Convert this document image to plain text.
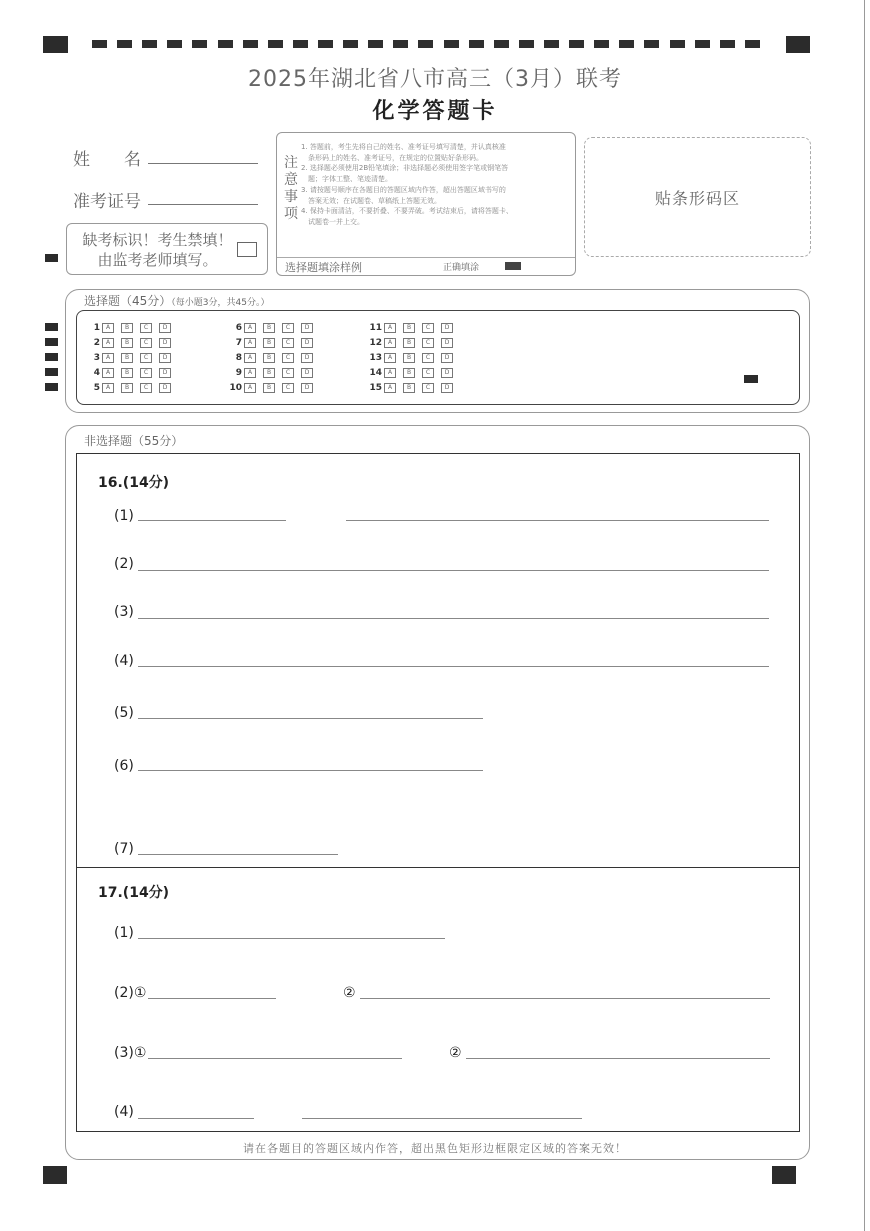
2025年湖北省八市高三（3月）联考
化学答题卡
姓　　名
准考证号
缺考标识！考生禁填！
由监考老师填写。
注
意
事
项
1. 答题前，考生先将自己的姓名、准考证号填写清楚，并认真核准
条形码上的姓名、准考证号，在规定的位置贴好条形码。
2. 选择题必须使用2B铅笔填涂；非选择题必须使用签字笔或钢笔答
题；字体工整、笔迹清楚。
3. 请按题号顺序在各题目的答题区域内作答，超出答题区域书写的
答案无效；在试题卷、草稿纸上答题无效。
4. 保持卡面清洁，不要折叠、不要弄破。考试结束后，请将答题卡、
试题卷一并上交。
选择题填涂样例	正确填涂
贴条形码区
选择题（45分）（每小题3分，共45分。）
1 A	B	C	D
2 A	B	C	D
3 A	B	C	D
4 A	B	C	D
5 A	B	C	D
6 A	B	C	D
7 A	B	C	D
8 A	B	C	D
9 A	B	C	D
10 A	B	C	D
11 A	B	C	D
12 A	B	C	D
13 A	B	C	D
14 A	B	C	D
15 A	B	C	D
非选择题（55分）
16.(14分)
(1)
(2)
(3)
(4)
(5)
(6)
(7)
17.(14分)
(1)
(2)①	②
(3)①	②
(4)
请在各题目的答题区域内作答，超出黑色矩形边框限定区域的答案无效！
